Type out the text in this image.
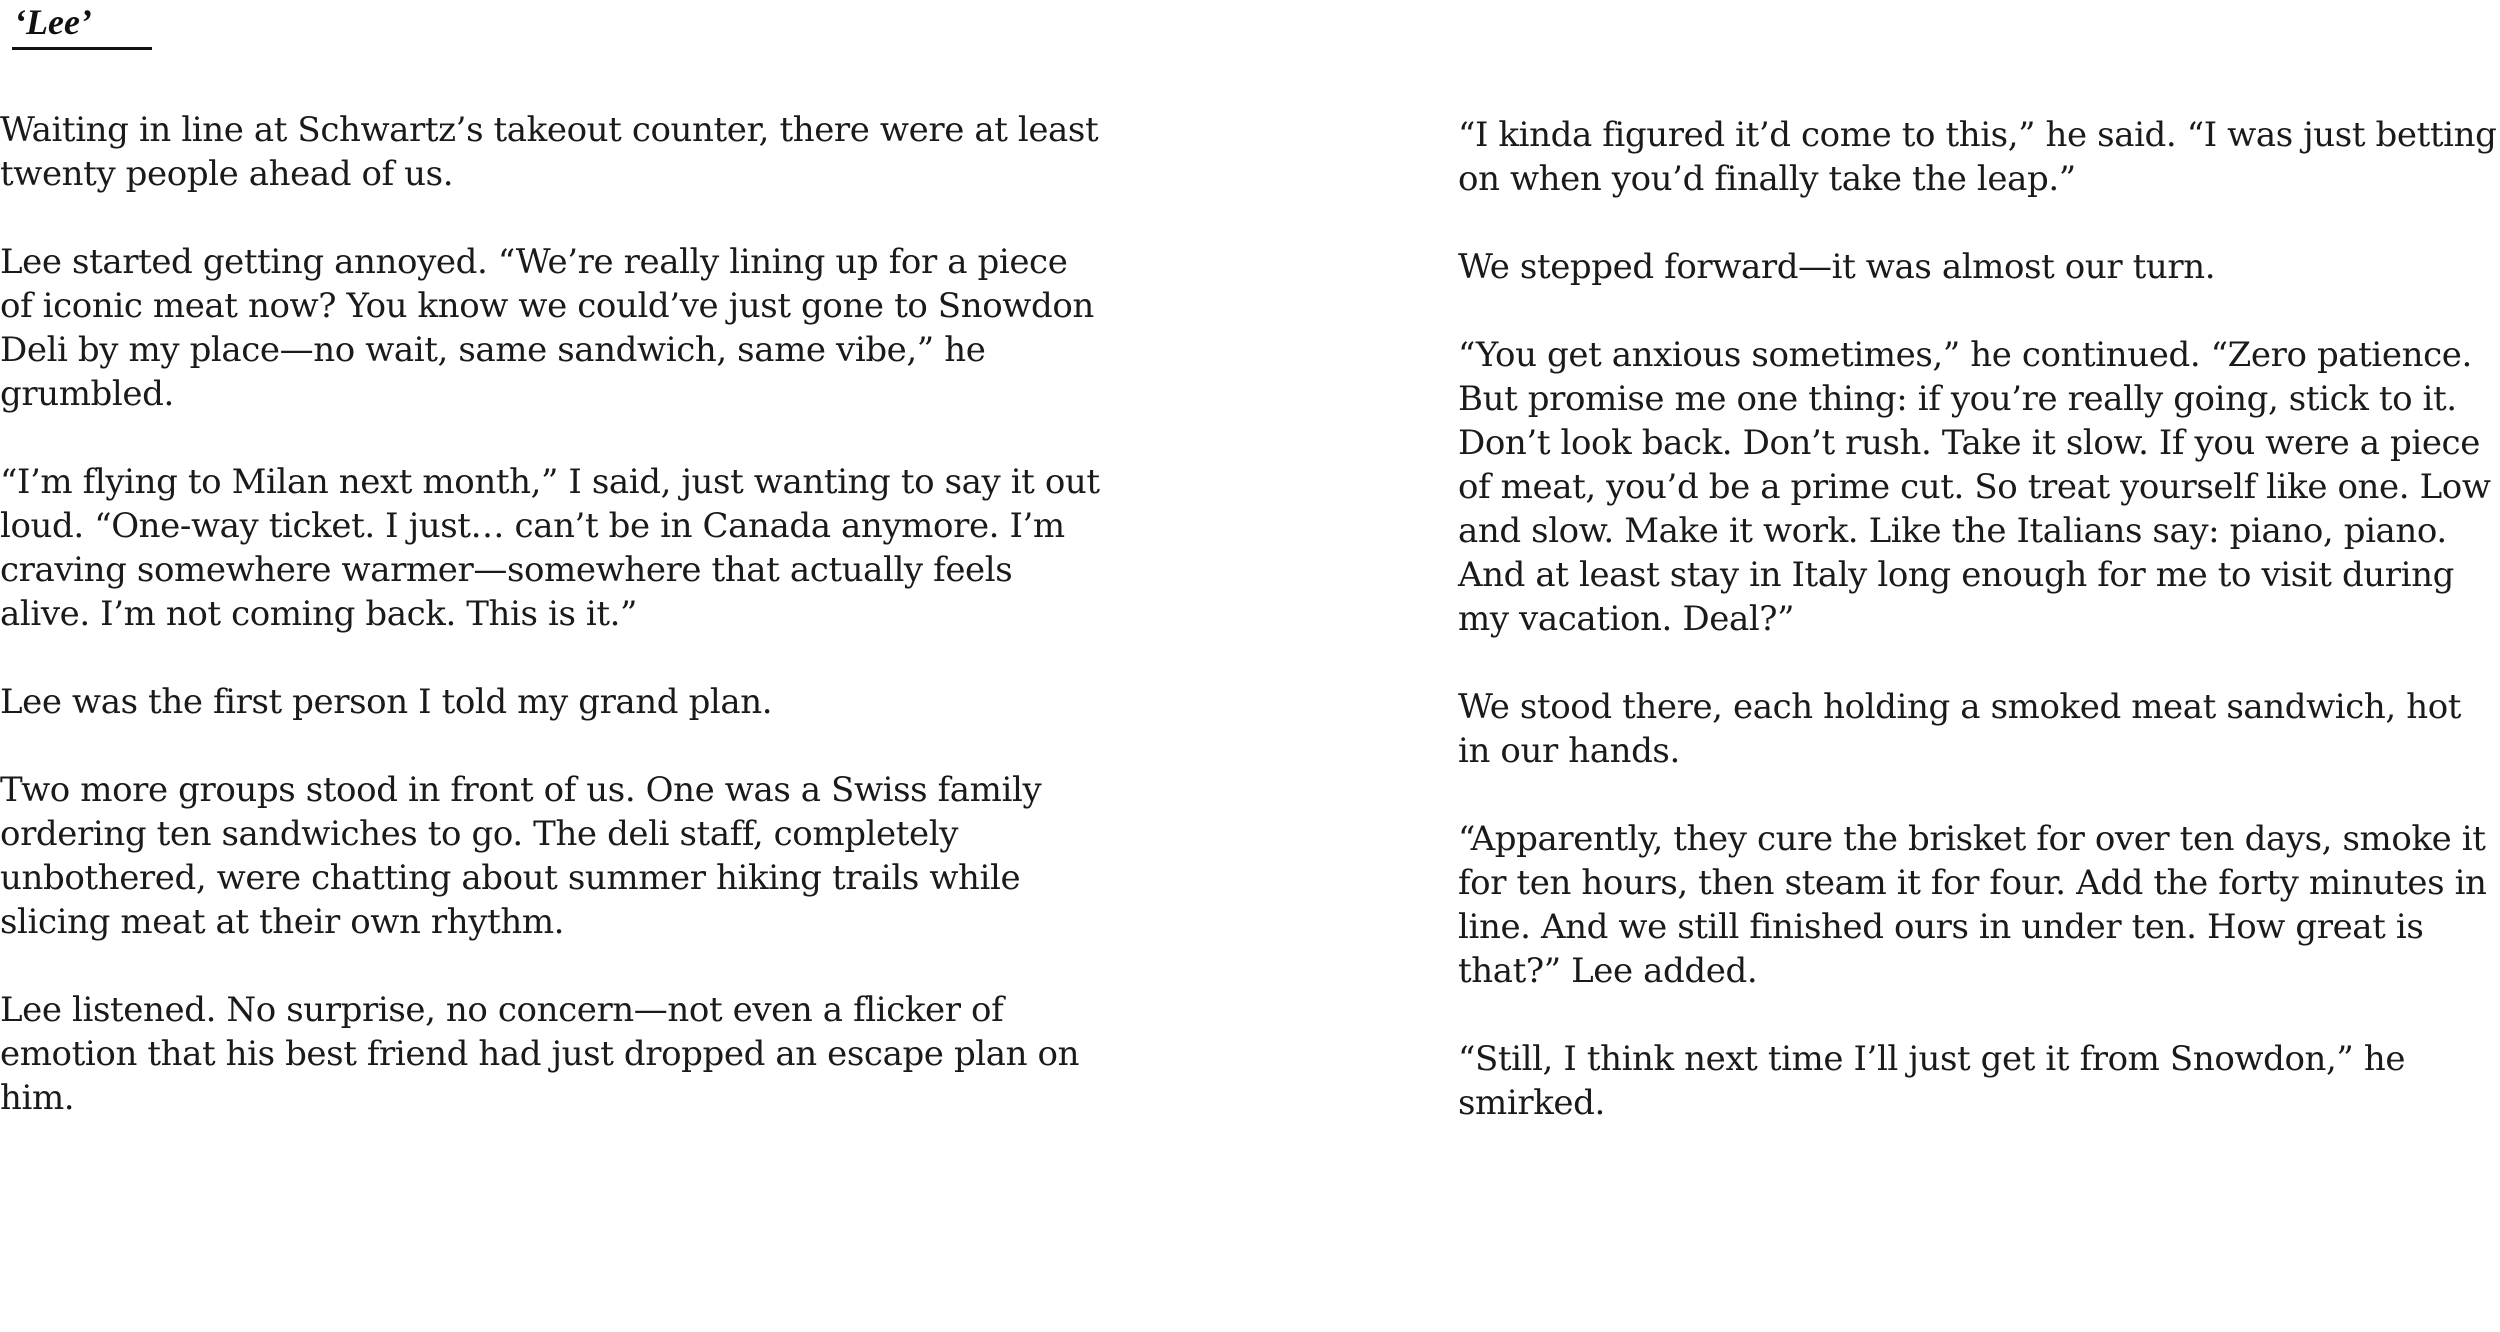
‘Lee’

Waiting in line at Schwartz’s takeout counter, there were at least twenty people ahead of us.

Lee started getting annoyed. “We’re really lining up for a piece of iconic meat now? You know we could’ve just gone to Snowdon Deli by my place—no wait, same sandwich, same vibe,” he grumbled.

“I’m flying to Milan next month,” I said, just wanting to say it out loud. “One-way ticket. I just… can’t be in Canada anymore. I’m craving somewhere warmer—somewhere that actually feels alive. I’m not coming back. This is it.”

Lee was the first person I told my grand plan.

Two more groups stood in front of us. One was a Swiss family ordering ten sandwiches to go. The deli staff, completely unbothered, were chatting about summer hiking trails while slicing meat at their own rhythm.

Lee listened. No surprise, no concern—not even a flicker of emotion that his best friend had just dropped an escape plan on him.

“I kinda figured it’d come to this,” he said. “I was just betting on when you’d finally take the leap.”

We stepped forward—it was almost our turn.

“You get anxious sometimes,” he continued. “Zero patience. But promise me one thing: if you’re really going, stick to it. Don’t look back. Don’t rush. Take it slow. If you were a piece of meat, you’d be a prime cut. So treat yourself like one. Low and slow. Make it work. Like the Italians say: piano, piano. And at least stay in Italy long enough for me to visit during my vacation. Deal?”

We stood there, each holding a smoked meat sandwich, hot in our hands.

“Apparently, they cure the brisket for over ten days, smoke it for ten hours, then steam it for four. Add the forty minutes in line. And we still finished ours in under ten. How great is that?” Lee added.

“Still, I think next time I’ll just get it from Snowdon,” he smirked.
